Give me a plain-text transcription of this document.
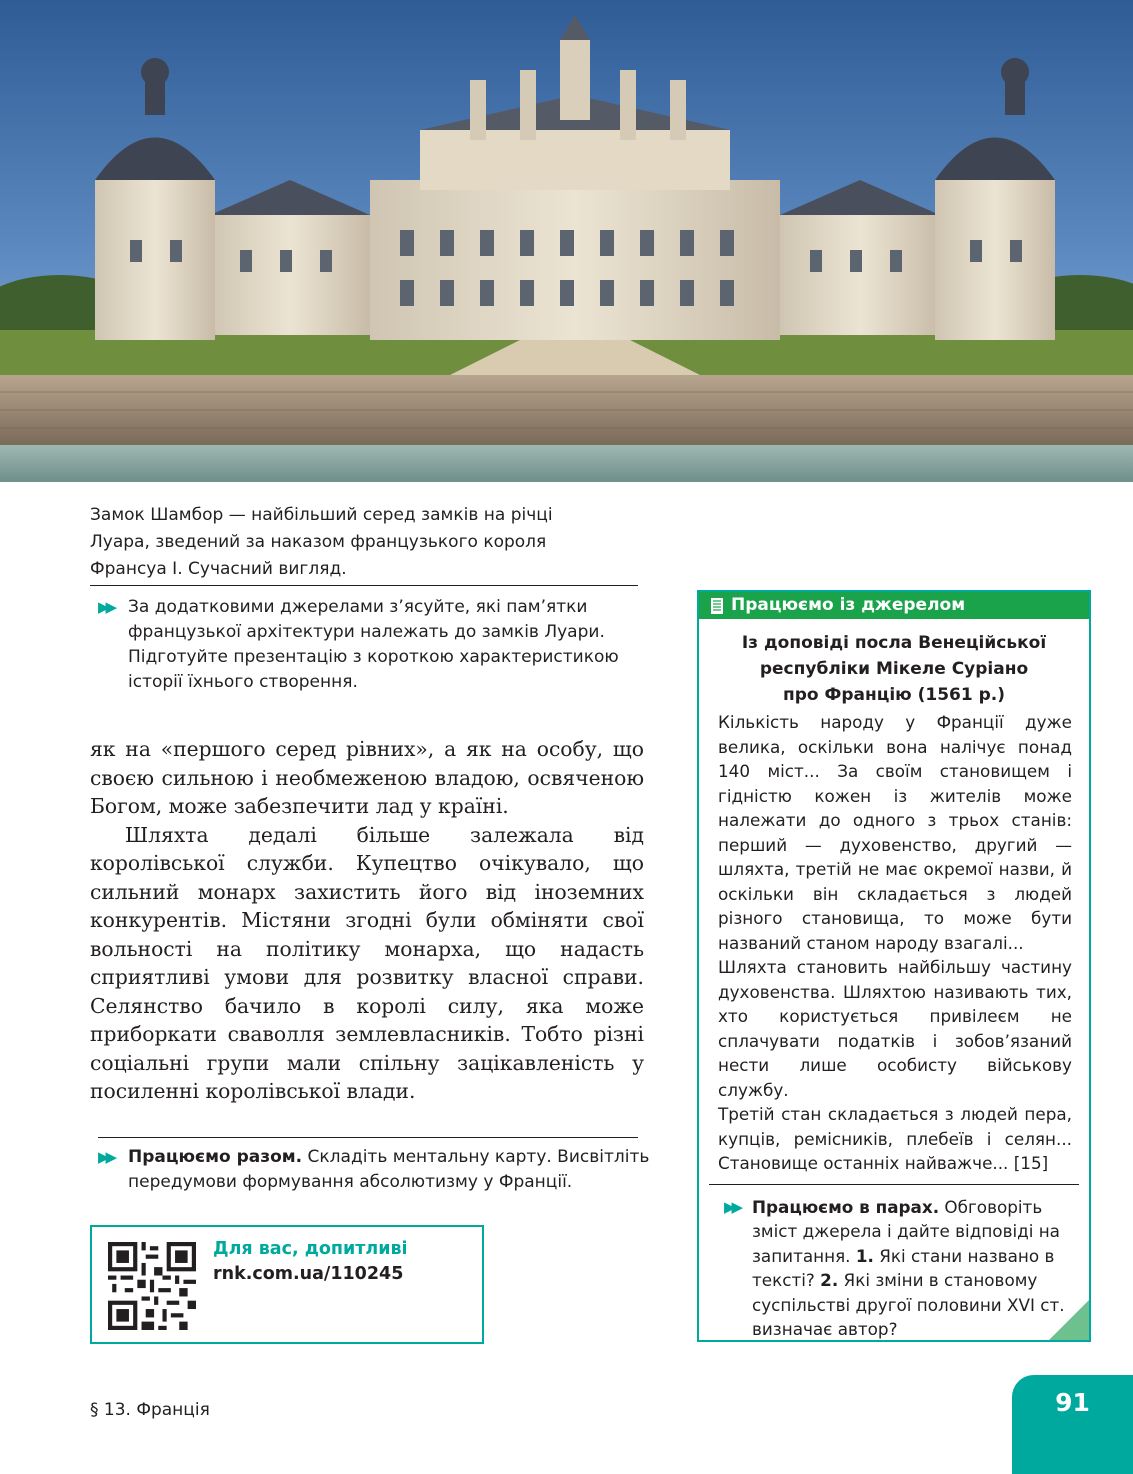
Замок Шамбор — найбільший серед замків на річці
Луара, зведений за наказом французького короля
Франсуа І. Сучасний вигляд.
▶▶ За додатковими джерелами з’ясуйте, які пам’ятки
французької архітектури належать до замків Луари.
Підготуйте презентацію з короткою характеристикою
історії їхнього створення.

як на «першого серед рівних», а як на особу, що своєю сильною і необмеженою владою, освяченою Богом, може забезпечити лад у країні.

Шляхта дедалі більше залежала від королівської служби. Купецтво очікувало, що сильний монарх захистить його від іноземних конкурентів. Містяни згодні були обміняти свої вольності на політику монарха, що надасть сприятливі умови для розвитку власної справи. Селянство бачило в королі силу, яка може приборкати сваволля землевласників. Тобто різні соціальні групи мали спільну зацікавленість у посиленні королівської влади.

▶▶ Працюємо разом. Складіть ментальну карту. Висвітліть
передумови формування абсолютизму у Франції.
Для вас, допитливі
rnk.com.ua/110245
Працюємо із джерелом
Із доповіді посла Венеційської
республіки Мікеле Суріано
про Францію (1561 р.)

Кількість народу у Франції дуже велика, оскільки вона налічує понад 140 міст... За своїм становищем і гідністю кожен із жителів може належати до одного з трьох станів: перший — духовенство, другий — шляхта, третій не має окремої назви, й оскільки він складається з людей різного становища, то може бути названий станом народу взагалі...

Шляхта становить найбільшу частину духовенства. Шляхтою називають тих, хто користується привілеєм не сплачувати податків і зобов’язаний нести лише особисту військову службу.

Третій стан складається з людей пера, купців, ремісників, плебеїв і селян... Становище останніх найважче... [15]

▶▶ Працюємо в парах. Обговоріть зміст джерела і дайте відповіді на запитання. 1. Які стани названо в тексті? 2. Які зміни в становому суспільстві другої половини XVI ст. визначає автор?
§ 13. Франція	91
